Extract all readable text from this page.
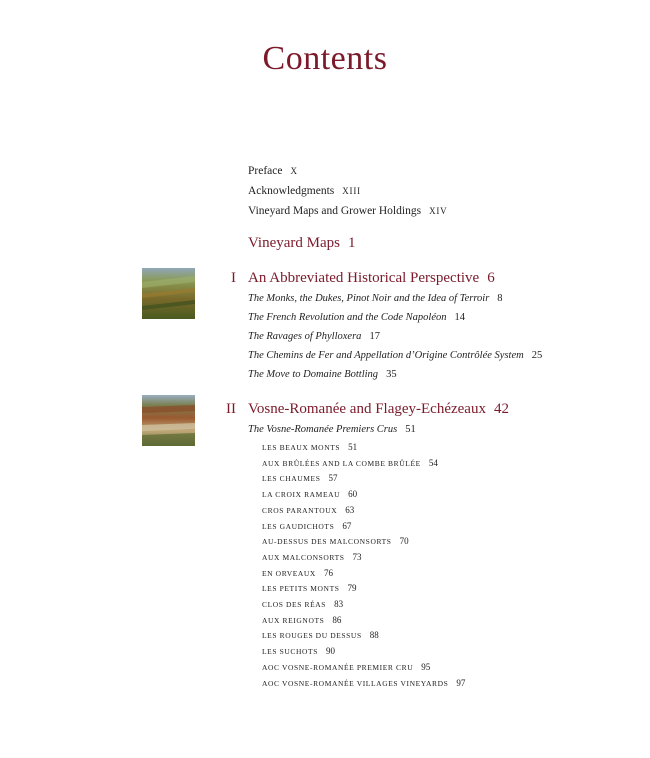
Contents
Preface X
Acknowledgments XIII
Vineyard Maps and Grower Holdings XIV
Vineyard Maps 1
I An Abbreviated Historical Perspective 6
The Monks, the Dukes, Pinot Noir and the Idea of Terroir 8
The French Revolution and the Code Napoléon 14
The Ravages of Phylloxera 17
The Chemins de Fer and Appellation d’Origine Contrôlée System 25
The Move to Domaine Bottling 35
II Vosne-Romanée and Flagey-Echézeaux 42
The Vosne-Romanée Premiers Crus 51
LES BEAUX MONTS 51
AUX BRÛLÉES AND LA COMBE BRÛLÉE 54
LES CHAUMES 57
LA CROIX RAMEAU 60
CROS PARANTOUX 63
LES GAUDICHOTS 67
AU-DESSUS DES MALCONSORTS 70
AUX MALCONSORTS 73
EN ORVEAUX 76
LES PETITS MONTS 79
CLOS DES RÉAS 83
AUX REIGNOTS 86
LES ROUGES DU DESSUS 88
LES SUCHOTS 90
AOC VOSNE-ROMANÉE PREMIER CRU 95
AOC VOSNE-ROMANÉE VILLAGES VINEYARDS 97
